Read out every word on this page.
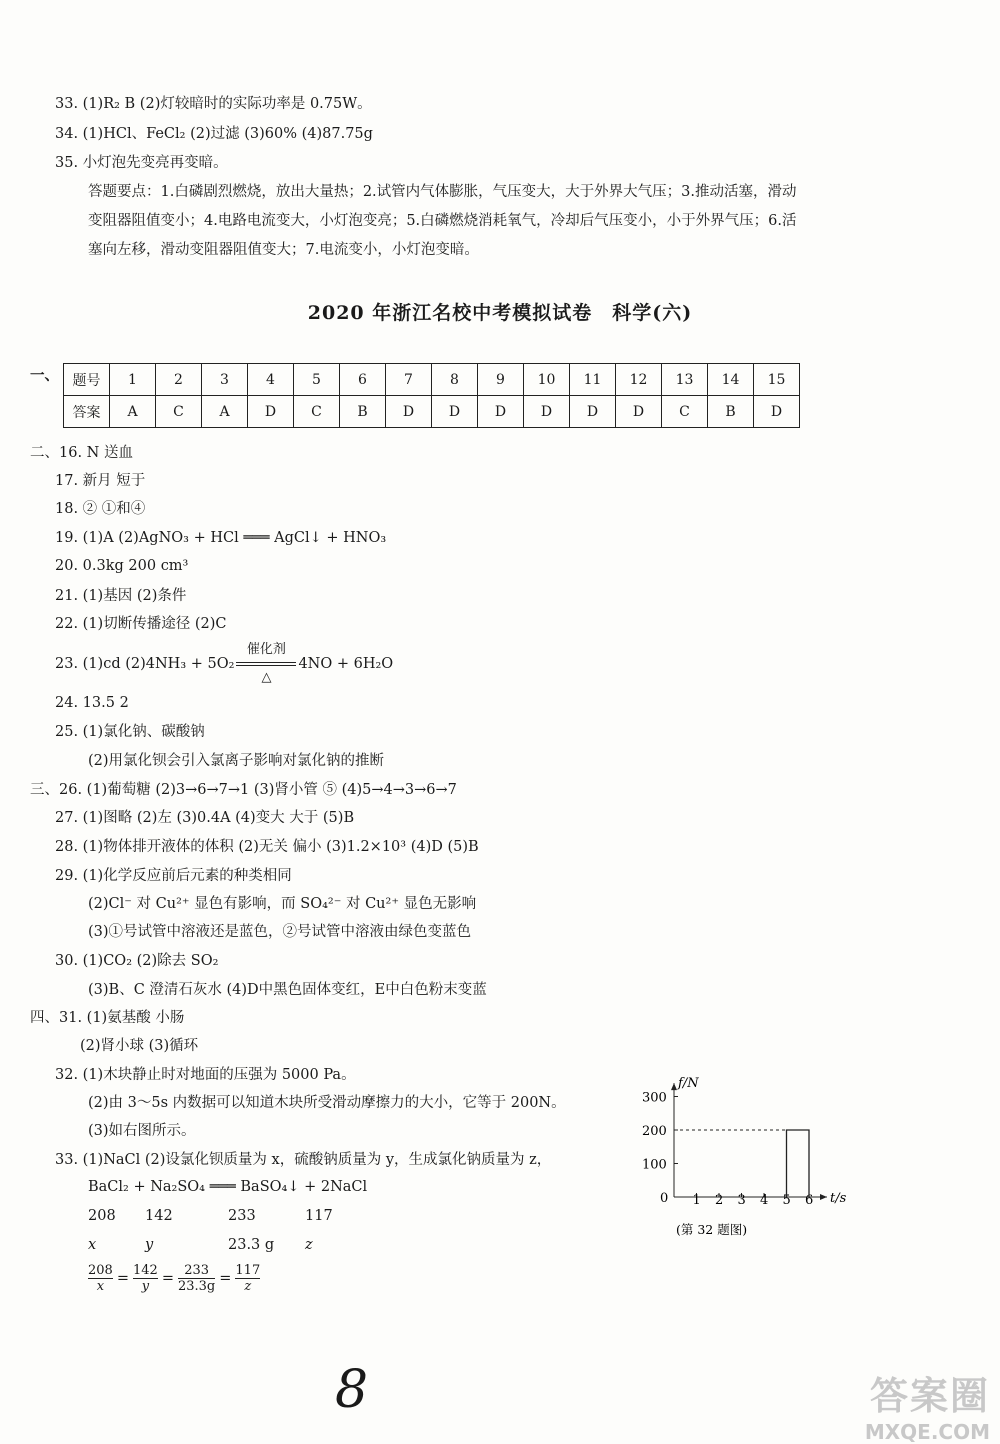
33. (1)R₂ B (2)灯较暗时的实际功率是 0.75W。
34. (1)HCl、FeCl₂ (2)过滤 (3)60% (4)87.75g
35. 小灯泡先变亮再变暗。
答题要点：1.白磷剧烈燃烧，放出大量热；2.试管内气体膨胀，气压变大，大于外界大气压；3.推动活塞，滑动
变阻器阻值变小；4.电路电流变大，小灯泡变亮；5.白磷燃烧消耗氧气，冷却后气压变小，小于外界气压；6.活
塞向左移，滑动变阻器阻值变大；7.电流变小，小灯泡变暗。
2020 年浙江名校中考模拟试卷　科学(六)
一、 题号	1	2	3	4	5	6	7	8	9	10	11	12	13	14	15
答案	A	C	A	D	C	B	D	D	D	D	D	D	C	B	D
二、16. N 送血
17. 新月 短于
18. ② ①和④
19. (1)A (2)AgNO₃ + HCl ═══ AgCl↓ + HNO₃
20. 0.3kg 200 cm³
21. (1)基因 (2)条件
22. (1)切断传播途径 (2)C
23. (1)cd (2)4NH₃ + 5O₂
催化剂
△
4NO + 6H₂O
24. 13.5 2
25. (1)氯化钠、碳酸钠
(2)用氯化钡会引入氯离子影响对氯化钠的推断
三、26. (1)葡萄糖 (2)3→6→7→1 (3)肾小管 ⑤ (4)5→4→3→6→7
27. (1)图略 (2)左 (3)0.4A (4)变大 大于 (5)B
28. (1)物体排开液体的体积 (2)无关 偏小 (3)1.2×10³ (4)D (5)B
29. (1)化学反应前后元素的种类相同
(2)Cl⁻ 对 Cu²⁺ 显色有影响，而 SO₄²⁻ 对 Cu²⁺ 显色无影响
(3)①号试管中溶液还是蓝色，②号试管中溶液由绿色变蓝色
30. (1)CO₂ (2)除去 SO₂
(3)B、C 澄清石灰水 (4)D中黑色固体变红，E中白色粉末变蓝
四、31. (1)氨基酸 小肠
(2)肾小球 (3)循环
32. (1)木块静止时对地面的压强为 5000 Pa。
(2)由 3～5s 内数据可以知道木块所受滑动摩擦力的大小，它等于 200N。
(3)如右图所示。
33. (1)NaCl (2)设氯化钡质量为 x，硫酸钠质量为 y，生成氯化钠质量为 z，
BaCl₂ + Na₂SO₄ ═══ BaSO₄↓ + 2NaCl
208 142	233	117
x	y	23.3 g z
$\frac{208}{x} = \frac{142}{y} = \frac{233}{23.3g} = \frac{117}{z}$
f/N
t/s
0 1 2 3 4 5 6
100
200
300
(第 32 题图)
8	答案圈
MXQE.COM
